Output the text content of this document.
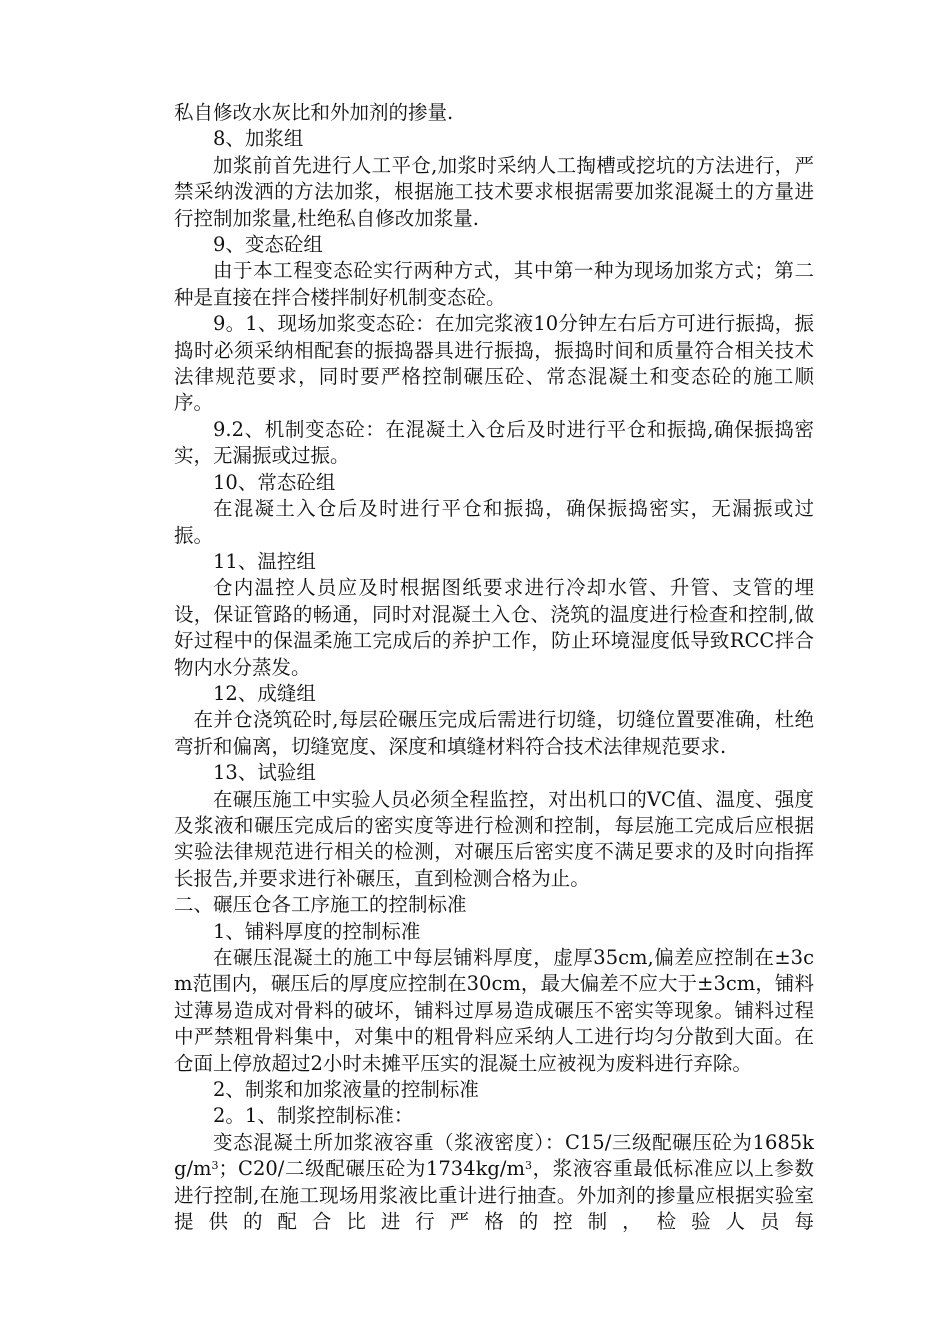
私自修改水灰比和外加剂的掺量.

8、加浆组

加浆前首先进行人工平仓,加浆时采纳人工掏槽或挖坑的方法进行，严禁采纳泼洒的方法加浆，根据施工技术要求根据需要加浆混凝土的方量进行控制加浆量,杜绝私自修改加浆量.

9、变态砼组

由于本工程变态砼实行两种方式，其中第一种为现场加浆方式；第二种是直接在拌合楼拌制好机制变态砼。

9。1、现场加浆变态砼：在加完浆液10分钟左右后方可进行振捣，振捣时必须采纳相配套的振捣器具进行振捣，振捣时间和质量符合相关技术法律规范要求，同时要严格控制碾压砼、常态混凝土和变态砼的施工顺序。

9.2、机制变态砼：在混凝土入仓后及时进行平仓和振捣,确保振捣密实，无漏振或过振。

10、常态砼组

在混凝土入仓后及时进行平仓和振捣，确保振捣密实，无漏振或过振。

11、温控组

仓内温控人员应及时根据图纸要求进行冷却水管、升管、支管的埋设，保证管路的畅通，同时对混凝土入仓、浇筑的温度进行检查和控制,做好过程中的保温柔施工完成后的养护工作，防止环境湿度低导致RCC拌合物内水分蒸发。

12、成缝组

在并仓浇筑砼时,每层砼碾压完成后需进行切缝，切缝位置要准确，杜绝弯折和偏离，切缝宽度、深度和填缝材料符合技术法律规范要求.

13、试验组

在碾压施工中实验人员必须全程监控，对出机口的VC值、温度、强度及浆液和碾压完成后的密实度等进行检测和控制，每层施工完成后应根据实验法律规范进行相关的检测，对碾压后密实度不满足要求的及时向指挥长报告,并要求进行补碾压，直到检测合格为止。

二、碾压仓各工序施工的控制标准

1、铺料厚度的控制标准

在碾压混凝土的施工中每层铺料厚度，虚厚35cm,偏差应控制在±3cm范围内，碾压后的厚度应控制在30cm，最大偏差不应大于±3cm，铺料过薄易造成对骨料的破坏，铺料过厚易造成碾压不密实等现象。铺料过程中严禁粗骨料集中，对集中的粗骨料应采纳人工进行均匀分散到大面。在仓面上停放超过2小时未摊平压实的混凝土应被视为废料进行弃除。

2、制浆和加浆液量的控制标准

2。1、制浆控制标准：

变态混凝土所加浆液容重（浆液密度）：C15/三级配碾压砼为$1685kg/m^3$；C20/二级配碾压砼为$1734kg/m^3$，浆液容重最低标准应以上参数进行控制,在施工现场用浆液比重计进行抽查。外加剂的掺量应根据实验室提供的配合比进行严格的控制，检验人员每
